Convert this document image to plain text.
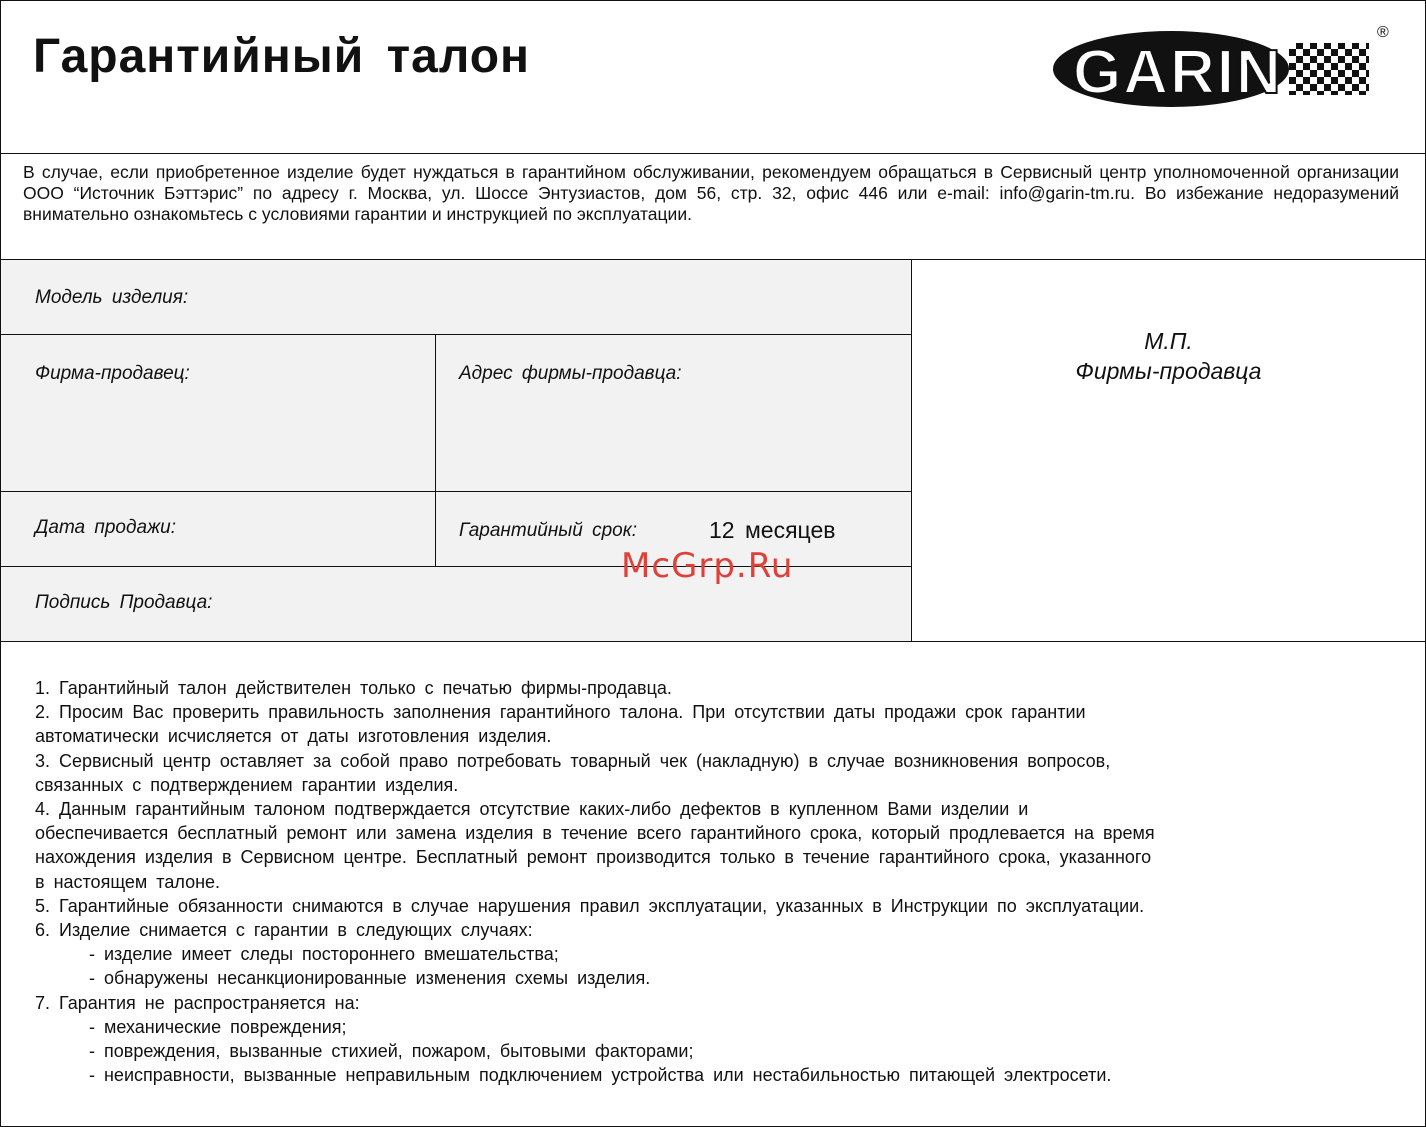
Гарантийный талон	GARIN
®

В случае, если приобретенное изделие будет нуждаться в гарантийном обслуживании, рекомендуем обращаться в Сервисный центр уполномоченной организации ООО “Источник Бэттэрис” по адресу г. Москва, ул. Шоссе Энтузиастов, дом 56, стр. 32, офис 446 или e-mail: info@garin-tm.ru. Во избежание недоразумений внимательно ознакомьтесь с условиями гарантии и инструкцией по эксплуатации.

Модель изделия:
Фирма-продавец:	Адрес фирмы-продавца:
Дата продажи:	Гарантийный срок:	12 месяцев
Подпись Продавца:
М.П.
Фирмы-продавца
McGrp.Ru
1. Гарантийный талон действителен только с печатью фирмы-продавца.
2. Просим Вас проверить правильность заполнения гарантийного талона. При отсутствии даты продажи срок гарантии
автоматически исчисляется от даты изготовления изделия.
3. Сервисный центр оставляет за собой право потребовать товарный чек (накладную) в случае возникновения вопросов,
связанных с подтверждением гарантии изделия.
4. Данным гарантийным талоном подтверждается отсутствие каких-либо дефектов в купленном Вами изделии и
обеспечивается бесплатный ремонт или замена изделия в течение всего гарантийного срока, который продлевается на время
нахождения изделия в Сервисном центре. Бесплатный ремонт производится только в течение гарантийного срока, указанного
в настоящем талоне.
5. Гарантийные обязанности снимаются в случае нарушения правил эксплуатации, указанных в Инструкции по эксплуатации.
6. Изделие снимается с гарантии в следующих случаях:
- изделие имеет следы постороннего вмешательства;
- обнаружены несанкционированные изменения схемы изделия.
7. Гарантия не распространяется на:
- механические повреждения;
- повреждения, вызванные стихией, пожаром, бытовыми факторами;
- неисправности, вызванные неправильным подключением устройства или нестабильностью питающей электросети.
